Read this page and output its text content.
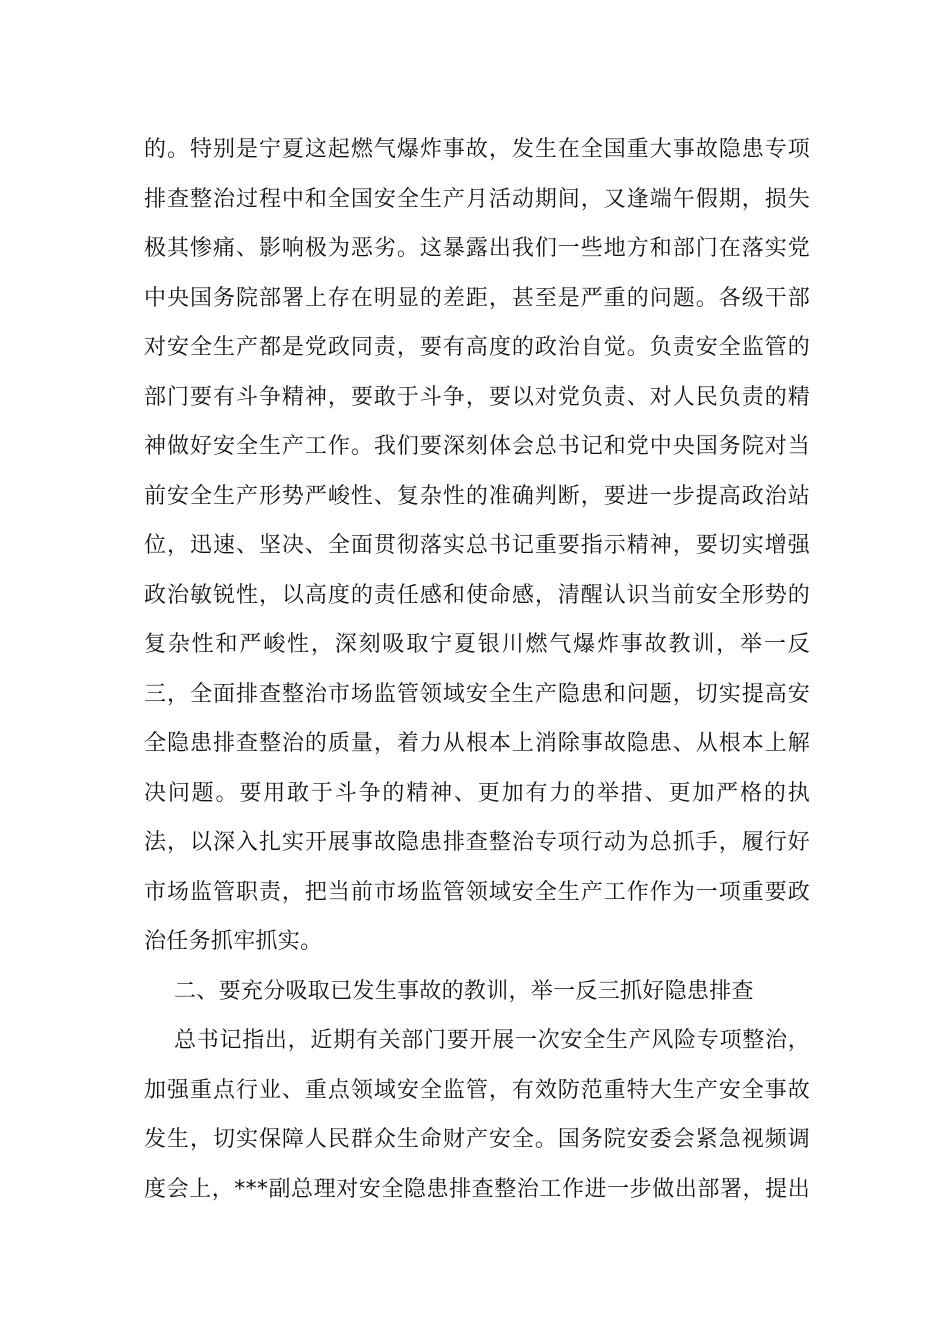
的。特别是宁夏这起燃气爆炸事故，发生在全国重大事故隐患专项
排查整治过程中和全国安全生产月活动期间，又逢端午假期，损失
极其惨痛、影响极为恶劣。这暴露出我们一些地方和部门在落实党
中央国务院部署上存在明显的差距，甚至是严重的问题。各级干部
对安全生产都是党政同责，要有高度的政治自觉。负责安全监管的
部门要有斗争精神，要敢于斗争，要以对党负责、对人民负责的精
神做好安全生产工作。我们要深刻体会总书记和党中央国务院对当
前安全生产形势严峻性、复杂性的准确判断，要进一步提高政治站
位，迅速、坚决、全面贯彻落实总书记重要指示精神，要切实增强
政治敏锐性，以高度的责任感和使命感，清醒认识当前安全形势的
复杂性和严峻性，深刻吸取宁夏银川燃气爆炸事故教训，举一反
三，全面排查整治市场监管领域安全生产隐患和问题，切实提高安
全隐患排查整治的质量，着力从根本上消除事故隐患、从根本上解
决问题。要用敢于斗争的精神、更加有力的举措、更加严格的执
法，以深入扎实开展事故隐患排查整治专项行动为总抓手，履行好
市场监管职责，把当前市场监管领域安全生产工作作为一项重要政
治任务抓牢抓实。
二、要充分吸取已发生事故的教训，举一反三抓好隐患排查
总书记指出，近期有关部门要开展一次安全生产风险专项整治，
加强重点行业、重点领域安全监管，有效防范重特大生产安全事故
发生，切实保障人民群众生命财产安全。国务院安委会紧急视频调
度会上，***副总理对安全隐患排查整治工作进一步做出部署，提出
